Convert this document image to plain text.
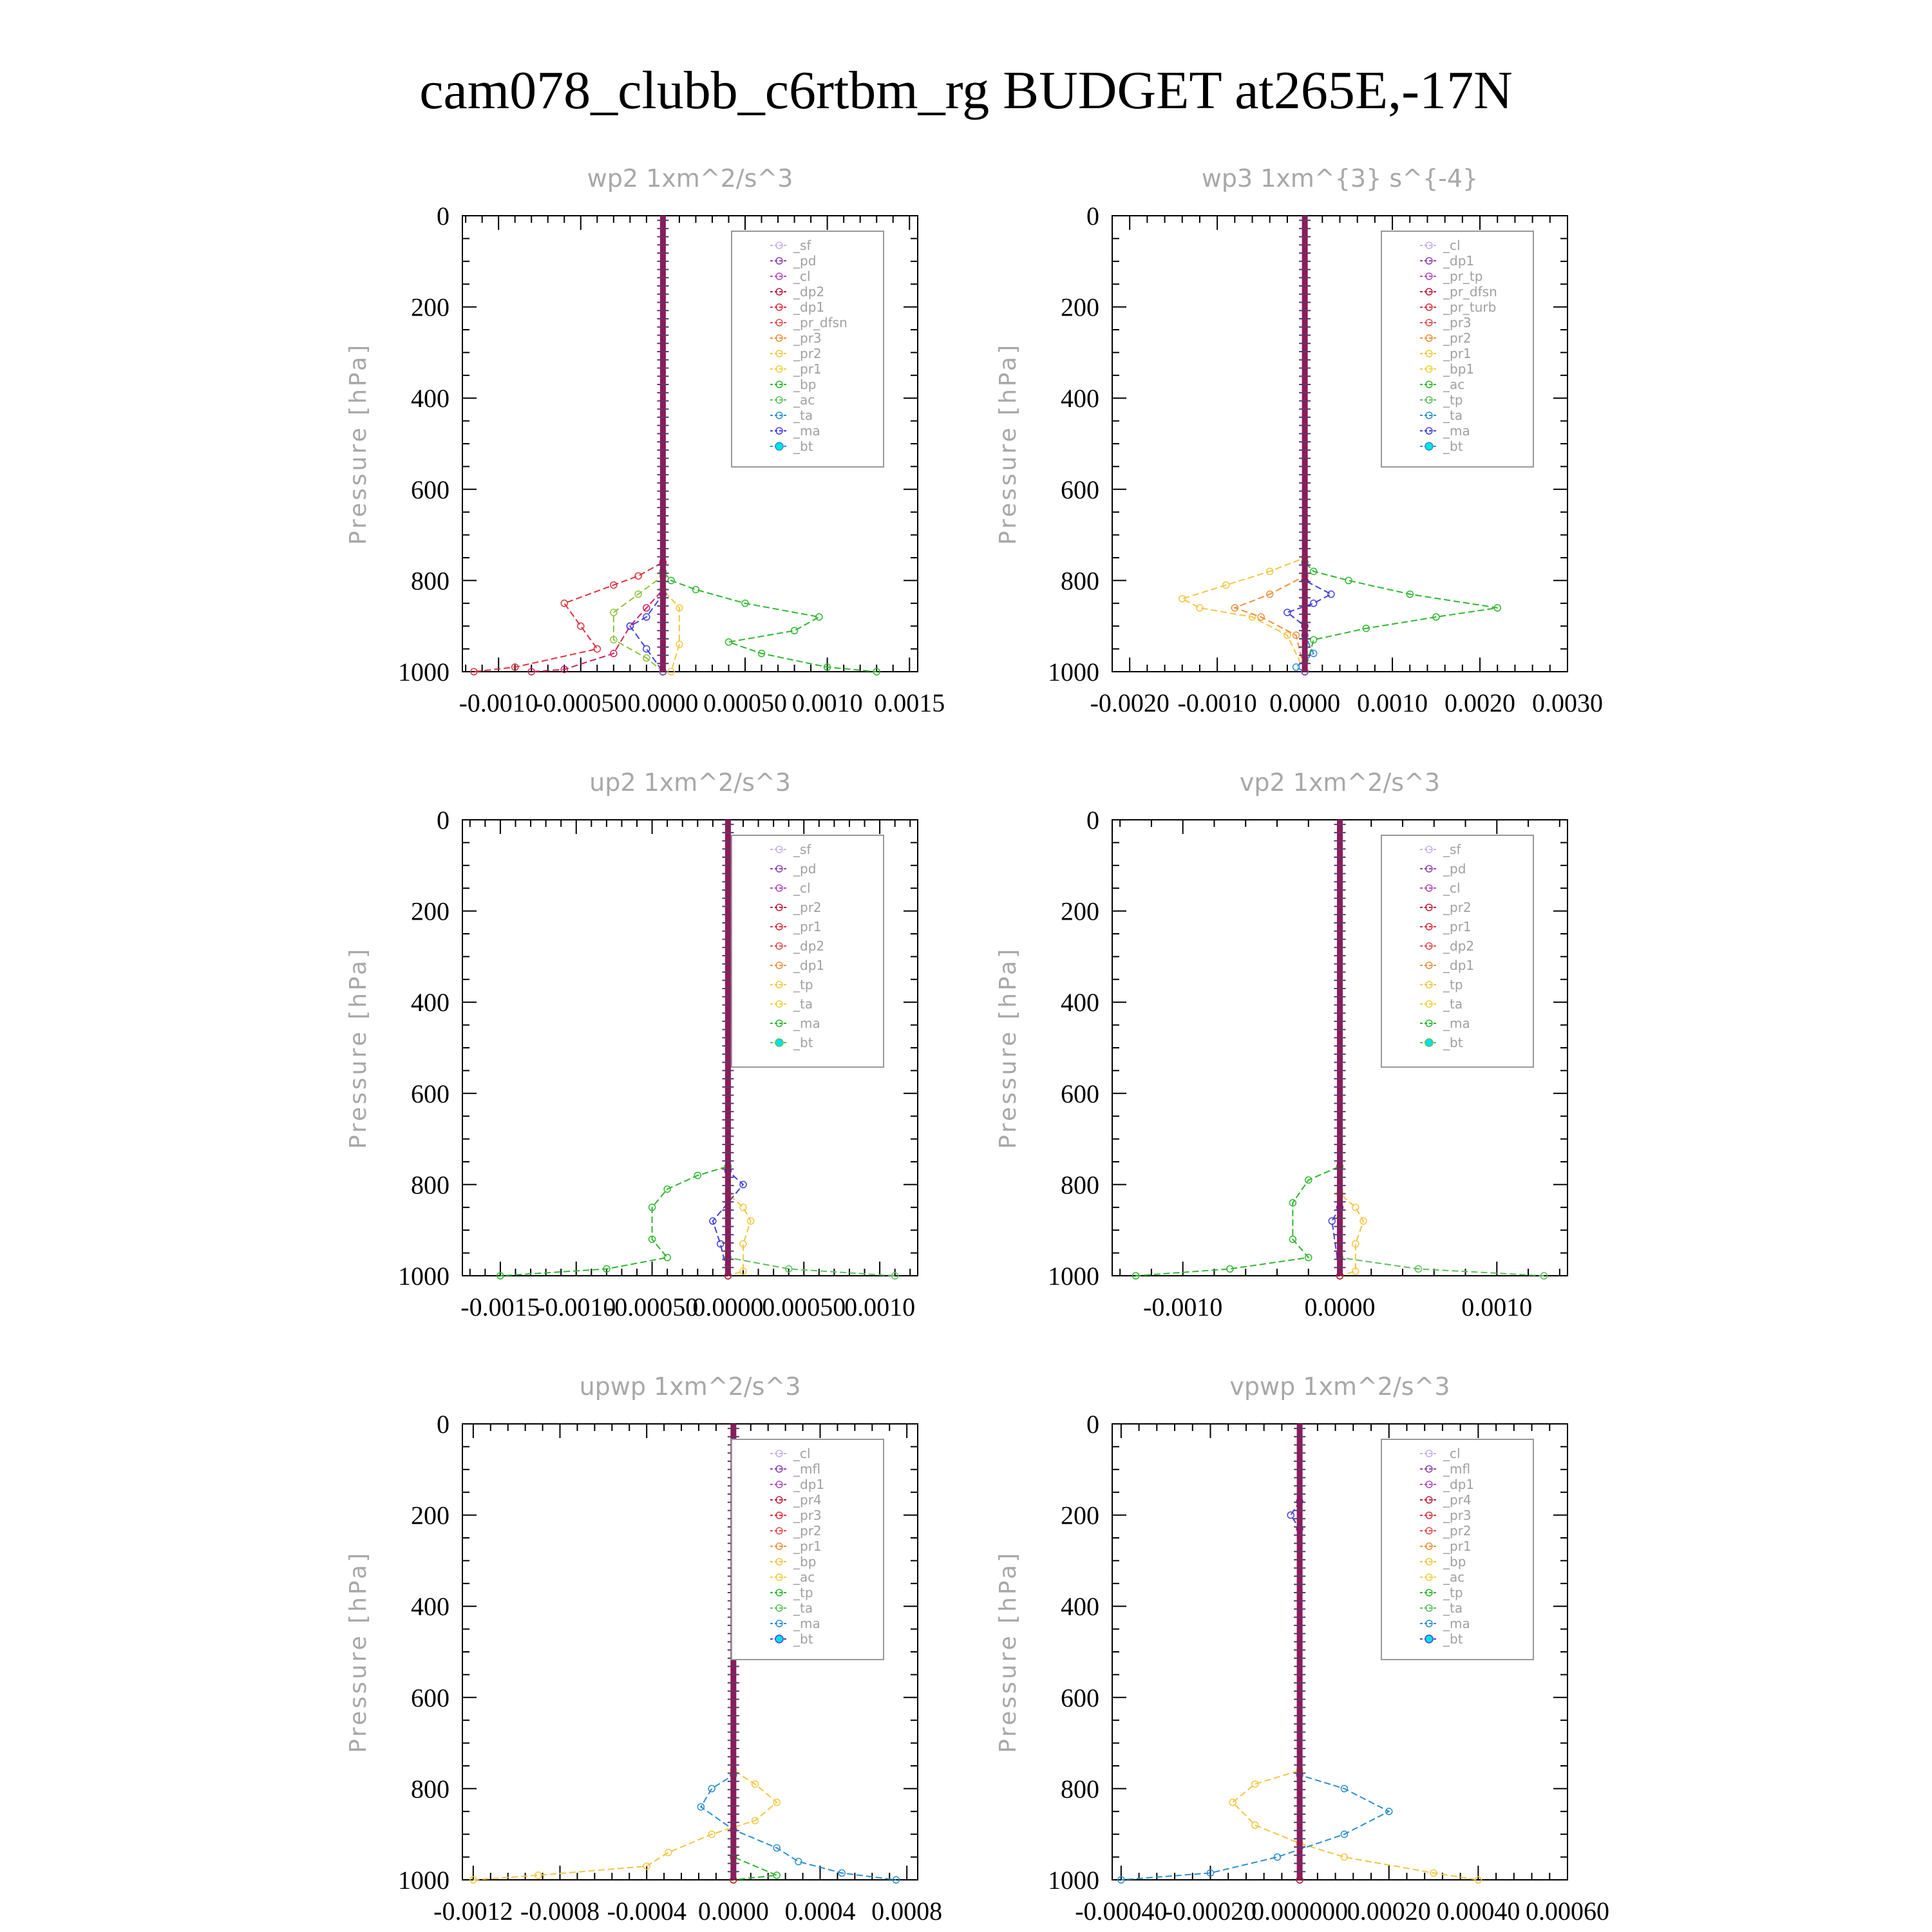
cam078_clubb_c6rtbm_rg BUDGET at265E,-17N
wp2 1xm^2/s^3
Pressure [hPa]
0
200
400
600
800
1000
-0.0010
-0.00050 0.0000 0.00050 0.0010 0.0015
_sf
_pd
_cl
_dp2
_dp1
_pr_dfsn
_pr3
_pr2
_pr1
_bp
_ac
_ta
_ma
_bt
wp3 1xm^{3} s^{-4}
Pressure [hPa]
0
200
400
600
800
1000
-0.0020 -0.0010 0.0000 0.0010 0.0020 0.0030
_cl
_dp1
_pr_tp
_pr_dfsn
_pr_turb
_pr3
_pr2
_pr1
_bp1
_ac
_tp
_ta
_ma
_bt
up2 1xm^2/s^3
Pressure [hPa]
0
200
400
600
800
1000
-0.0015
-0.0010
-0.00050
0.0000
0.00050
0.0010
_sf
_pd
_cl
_pr2
_pr1
_dp2
_dp1
_tp
_ta
_ma
_bt
vp2 1xm^2/s^3
Pressure [hPa]
0
200
400
600
800
1000
-0.0010	0.0000	0.0010
_sf
_pd
_cl
_pr2
_pr1
_dp2
_dp1
_tp
_ta
_ma
_bt
upwp 1xm^2/s^3
Pressure [hPa]
0
200
400
600
800
1000
-0.0012 -0.0008 -0.0004 0.0000 0.0004 0.0008
_cl
_mfl
_dp1
_pr4
_pr3
_pr2
_pr1
_bp
_ac
_tp
_ta
_ma
_bt
vpwp 1xm^2/s^3
Pressure [hPa]
0
200
400
600
800
1000
-0.00040
-0.00020
0.000000
0.00020 0.00040 0.00060
_cl
_mfl
_dp1
_pr4
_pr3
_pr2
_pr1
_bp
_ac
_tp
_ta
_ma
_bt
